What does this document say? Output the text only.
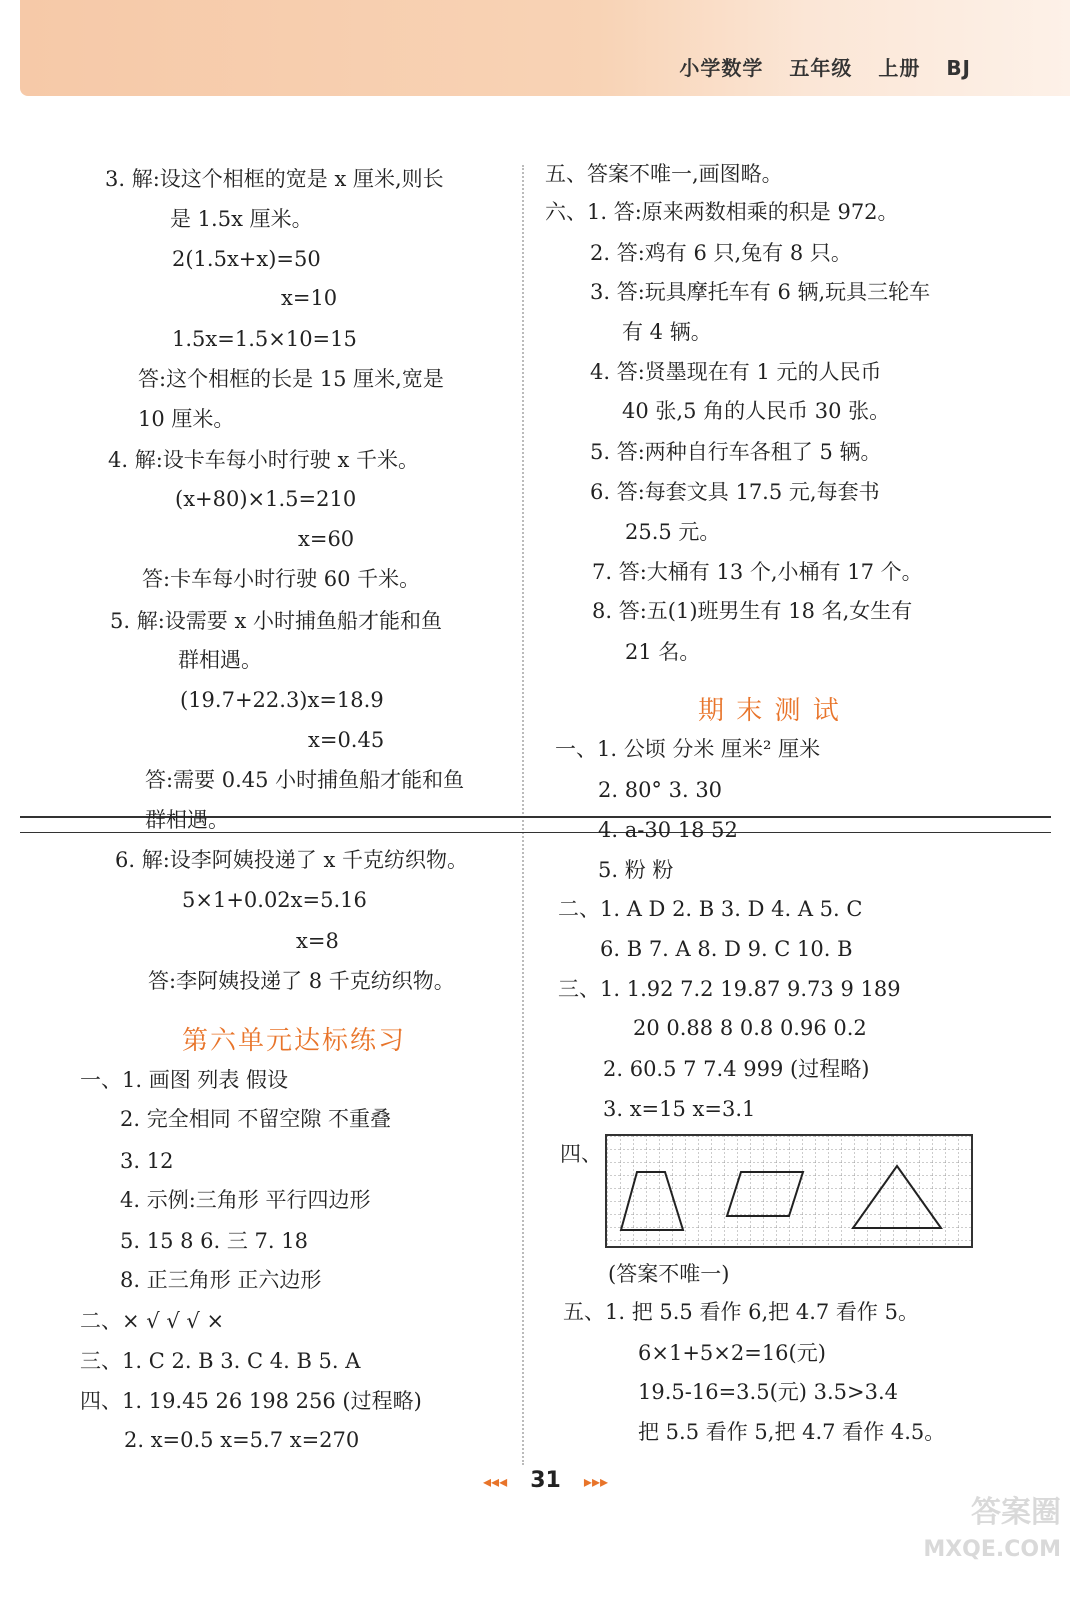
小学数学 五年级 上册 BJ
3. 解:设这个相框的宽是 x 厘米,则长
是 1.5x 厘米。
2(1.5x+x)=50
x=10
1.5x=1.5×10=15
答:这个相框的长是 15 厘米,宽是
10 厘米。
4. 解:设卡车每小时行驶 x 千米。
(x+80)×1.5=210
x=60
答:卡车每小时行驶 60 千米。
5. 解:设需要 x 小时捕鱼船才能和鱼
群相遇。
(19.7+22.3)x=18.9
x=0.45
答:需要 0.45 小时捕鱼船才能和鱼
群相遇。
6. 解:设李阿姨投递了 x 千克纺织物。
5×1+0.02x=5.16
x=8
答:李阿姨投递了 8 千克纺织物。
一、1. 画图 列表 假设
2. 完全相同 不留空隙 不重叠
3. 12
4. 示例:三角形 平行四边形
5. 15 8 6. 三 7. 18
8. 正三角形 正六边形
二、× √ √ √ ×
三、1. C 2. B 3. C 4. B 5. A
四、1. 19.45 26 198 256 (过程略)
2. x=0.5 x=5.7 x=270
第六单元达标练习
五、答案不唯一,画图略。
六、1. 答:原来两数相乘的积是 972。
2. 答:鸡有 6 只,兔有 8 只。
3. 答:玩具摩托车有 6 辆,玩具三轮车
有 4 辆。
4. 答:贤墨现在有 1 元的人民币
40 张,5 角的人民币 30 张。
5. 答:两种自行车各租了 5 辆。
6. 答:每套文具 17.5 元,每套书
25.5 元。
7. 答:大桶有 13 个,小桶有 17 个。
8. 答:五(1)班男生有 18 名,女生有
21 名。
一、1. 公顷 分米 厘米² 厘米
2. 80° 3. 30
4. a-30 18 52
5. 粉 粉
二、1. A D 2. B 3. D 4. A 5. C
6. B 7. A 8. D 9. C 10. B
三、1. 1.92 7.2 19.87 9.73 9 189
20 0.88 8 0.8 0.96 0.2
2. 60.5 7 7.4 999 (过程略)
3. x=15 x=3.1
四、
(答案不唯一)
五、1. 把 5.5 看作 6,把 4.7 看作 5。
6×1+5×2=16(元)
19.5-16=3.5(元) 3.5>3.4
把 5.5 看作 5,把 4.7 看作 4.5。
期 末 测 试
◂◂◂ 31 ▸▸▸
答案圈
MXQE.COM
